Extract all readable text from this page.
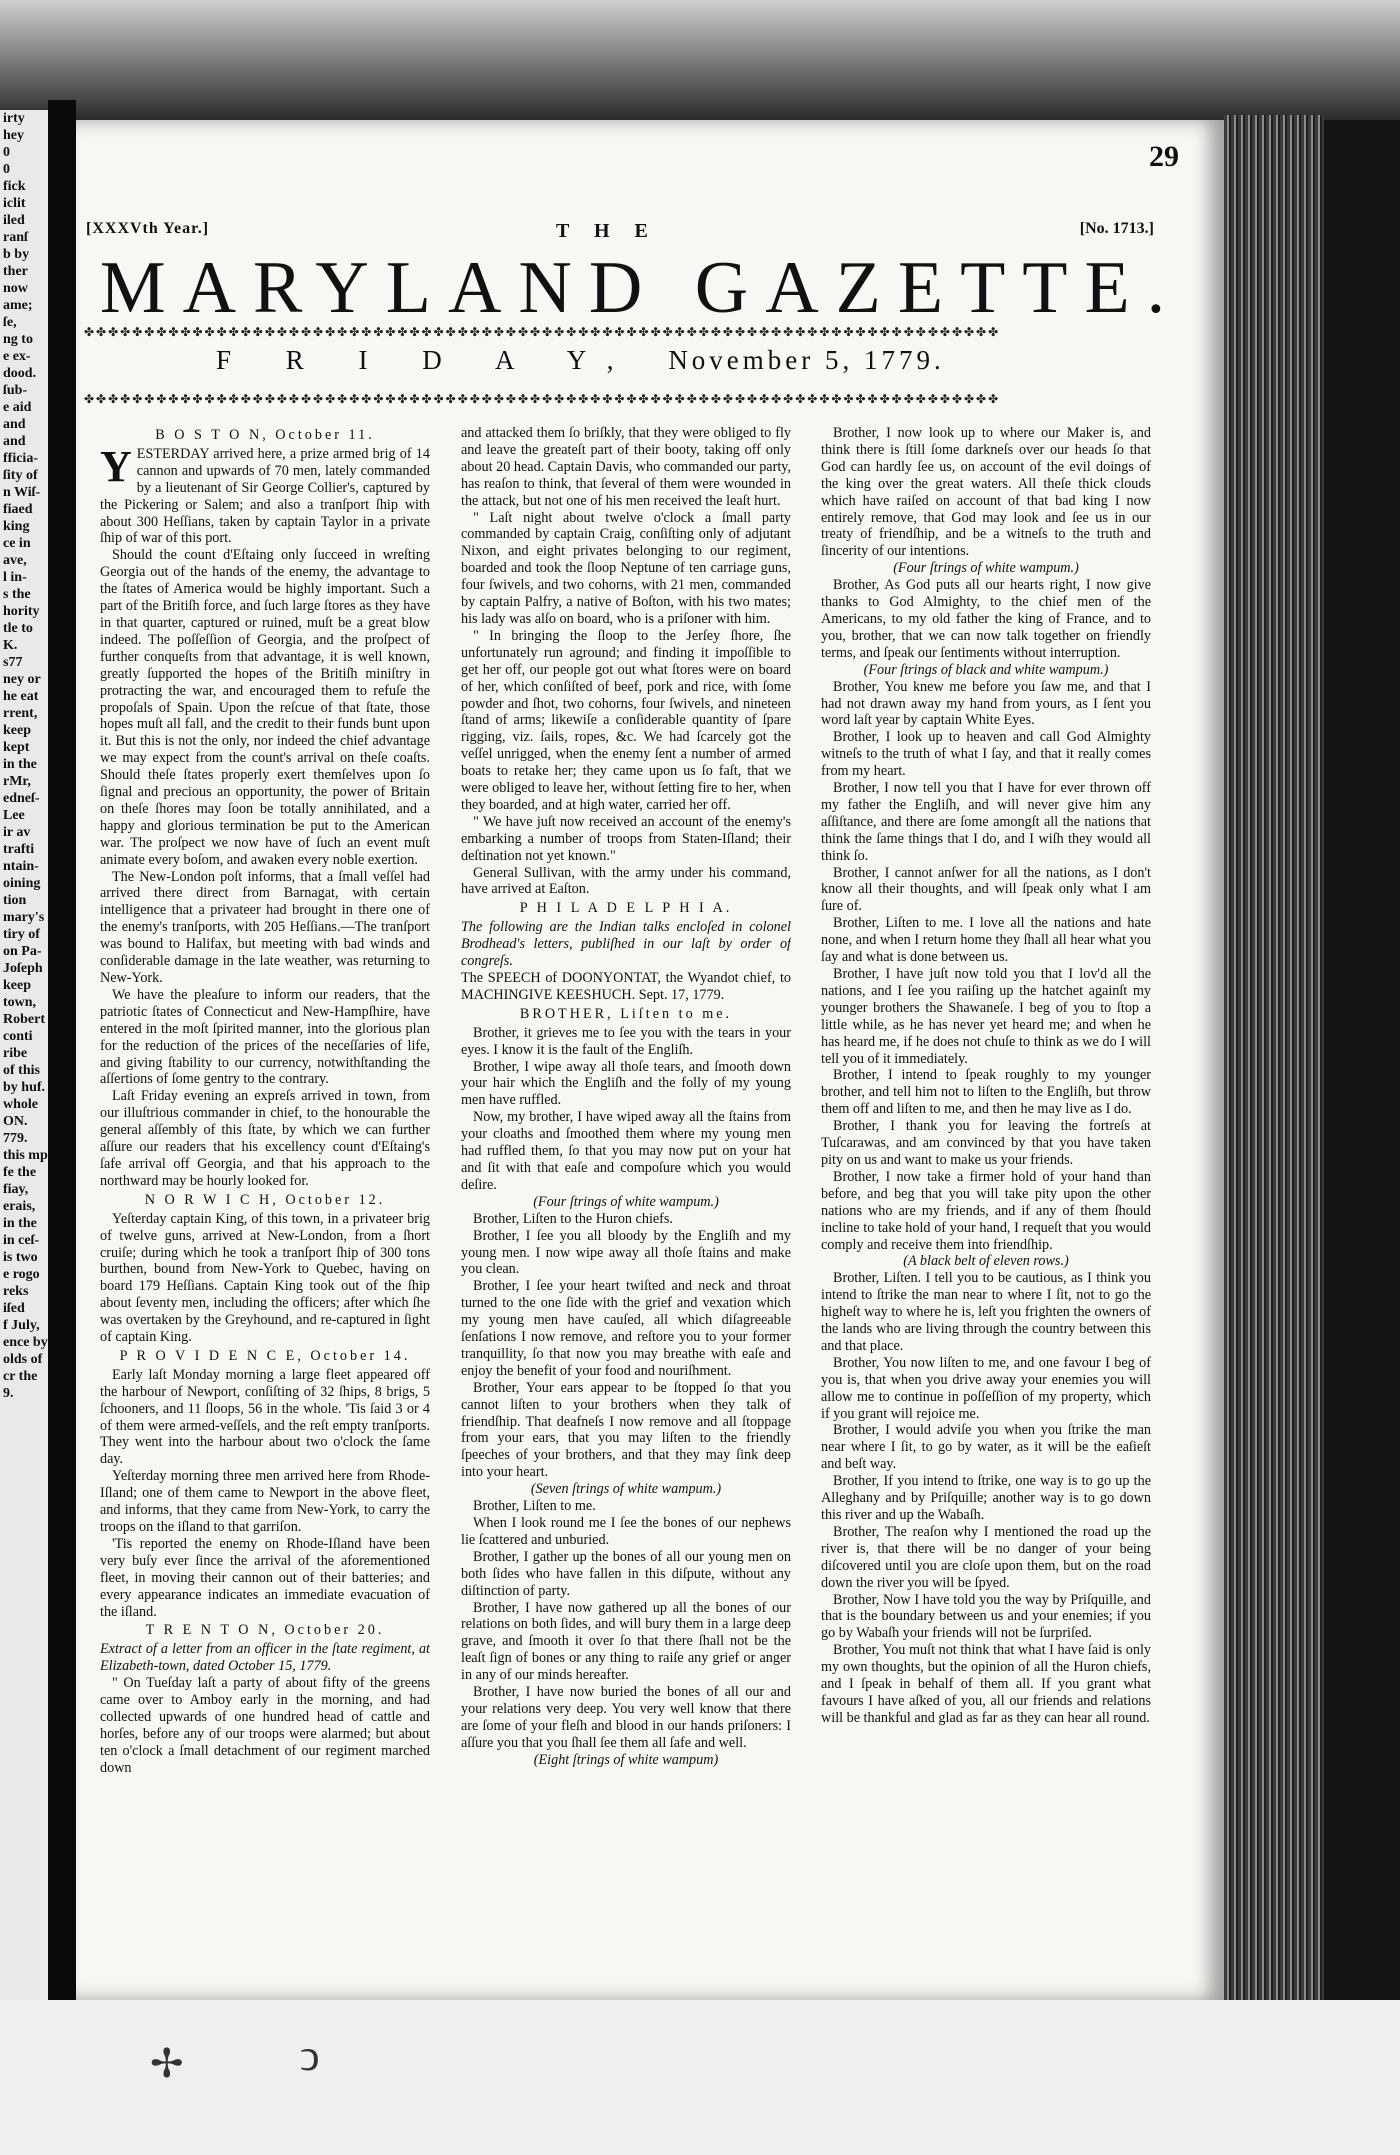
irty
hey
0
0
fick
iclit
iled
ranſ
b by
ther
now
ame;
ſe,
ng to
e ex-
dood.
ſub-
e aid
and
and
fficia-
ſity of
n Wiſ-
fiaed
king
ce in
ave,
l in-
s the
hority
tle to
K.
s77
ney or
he eat
rrent,
keep
kept
in the
rMr,
edneſ-
Lee
ir av
trafti
ntain-
oining
tion
mary's
tiry of
on Pa-
Joſeph
keep
town,
Robert
conti
ribe
of this
by huf.
whole
ON.
779.
this mp
fe the
fiay,
erais,
in the
in ceſ-
is two
e rogo
reks
iſed
f July,
ence by
olds of
cr the
9.
29
[XXXVth Year.]	T H E	[No. 1713.]
MARYLAND GAZETTE.
✤✤✤✤✤✤✤✤✤✤✤✤✤✤✤✤✤✤✤✤✤✤✤✤✤✤✤✤✤✤✤✤✤✤✤✤✤✤✤✤✤✤✤✤✤✤✤✤✤✤✤✤✤✤✤✤✤✤✤✤✤✤✤✤✤✤✤✤✤✤✤✤✤✤✤✤
F R I D A Y, November 5, 1779.
✤✤✤✤✤✤✤✤✤✤✤✤✤✤✤✤✤✤✤✤✤✤✤✤✤✤✤✤✤✤✤✤✤✤✤✤✤✤✤✤✤✤✤✤✤✤✤✤✤✤✤✤✤✤✤✤✤✤✤✤✤✤✤✤✤✤✤✤✤✤✤✤✤✤✤✤

B O S T O N, October 11.

YESTERDAY arrived here, a prize armed brig of 14 cannon and upwards of 70 men, lately commanded by a lieutenant of Sir George Collier's, captured by the Pickering or Salem; and also a tranſport ſhip with about 300 Heſſians, taken by captain Taylor in a private ſhip of war of this port.

Should the count d'Eſtaing only ſucceed in wreſting Georgia out of the hands of the enemy, the advantage to the ſtates of America would be highly important. Such a part of the Britiſh force, and ſuch large ſtores as they have in that quarter, captured or ruined, muſt be a great blow indeed. The poſſeſſion of Georgia, and the proſpect of further conqueſts from that advantage, it is well known, greatly ſupported the hopes of the Britiſh miniſtry in protracting the war, and encouraged them to refuſe the propoſals of Spain. Upon the reſcue of that ſtate, those hopes muſt all fall, and the credit to their funds bunt upon it. But this is not the only, nor indeed the chief advantage we may expect from the count's arrival on theſe coaſts. Should theſe ſtates properly exert themſelves upon ſo ſignal and precious an opportunity, the power of Britain on theſe ſhores may ſoon be totally annihilated, and a happy and glorious termination be put to the American war. The proſpect we now have of ſuch an event muſt animate every boſom, and awaken every noble exertion.

The New-London poſt informs, that a ſmall veſſel had arrived there direct from Barnagat, with certain intelligence that a privateer had brought in there one of the enemy's tranſports, with 205 Heſſians.—The tranſport was bound to Halifax, but meeting with bad winds and conſiderable damage in the late weather, was returning to New-York.

We have the pleaſure to inform our readers, that the patriotic ſtates of Connecticut and New-Hampſhire, have entered in the moſt ſpirited manner, into the glorious plan for the reduction of the prices of the neceſſaries of life, and giving ſtability to our currency, notwithſtanding the aſſertions of ſome gentry to the contrary.

Laſt Friday evening an expreſs arrived in town, from our illuſtrious commander in chief, to the honourable the general aſſembly of this ſtate, by which we can further aſſure our readers that his excellency count d'Eſtaing's ſafe arrival off Georgia, and that his approach to the northward may be hourly looked for.

N O R W I C H, October 12.

Yeſterday captain King, of this town, in a privateer brig of twelve guns, arrived at New-London, from a ſhort cruiſe; during which he took a tranſport ſhip of 300 tons burthen, bound from New-York to Quebec, having on board 179 Heſſians. Captain King took out of the ſhip about ſeventy men, including the officers; after which ſhe was overtaken by the Greyhound, and re-captured in ſight of captain King.

P R O V I D E N C E, October 14.

Early laſt Monday morning a large fleet appeared off the harbour of Newport, conſiſting of 32 ſhips, 8 brigs, 5 ſchooners, and 11 ſloops, 56 in the whole. 'Tis ſaid 3 or 4 of them were armed-veſſels, and the reſt empty tranſports. They went into the harbour about two o'clock the ſame day.

Yeſterday morning three men arrived here from Rhode-Iſland; one of them came to Newport in the above fleet, and informs, that they came from New-York, to carry the troops on the iſland to that garriſon.

'Tis reported the enemy on Rhode-Iſland have been very buſy ever ſince the arrival of the aforementioned fleet, in moving their cannon out of their batteries; and every appearance indicates an immediate evacuation of the iſland.

T R E N T O N, October 20.

Extract of a letter from an officer in the ſtate regiment, at Elizabeth-town, dated October 15, 1779.

" On Tueſday laſt a party of about fifty of the greens came over to Amboy early in the morning, and had collected upwards of one hundred head of cattle and horſes, before any of our troops were alarmed; but about ten o'clock a ſmall detachment of our regiment marched down

and attacked them ſo briſkly, that they were obliged to fly and leave the greateſt part of their booty, taking off only about 20 head. Captain Davis, who commanded our party, has reaſon to think, that ſeveral of them were wounded in the attack, but not one of his men received the leaſt hurt.

" Laſt night about twelve o'clock a ſmall party commanded by captain Craig, conſiſting only of adjutant Nixon, and eight privates belonging to our regiment, boarded and took the ſloop Neptune of ten carriage guns, four ſwivels, and two cohorns, with 21 men, commanded by captain Palfry, a native of Boſton, with his two mates; his lady was alſo on board, who is a priſoner with him.

" In bringing the ſloop to the Jerſey ſhore, ſhe unfortunately run aground; and finding it impoſſible to get her off, our people got out what ſtores were on board of her, which conſiſted of beef, pork and rice, with ſome powder and ſhot, two cohorns, four ſwivels, and nineteen ſtand of arms; likewiſe a conſiderable quantity of ſpare rigging, viz. ſails, ropes, &c. We had ſcarcely got the veſſel unrigged, when the enemy ſent a number of armed boats to retake her; they came upon us ſo faſt, that we were obliged to leave her, without ſetting fire to her, when they boarded, and at high water, carried her off.

" We have juſt now received an account of the enemy's embarking a number of troops from Staten-Iſland; their deſtination not yet known."

General Sullivan, with the army under his command, have arrived at Eaſton.

P H I L A D E L P H I A.

The following are the Indian talks encloſed in colonel Brodhead's letters, publiſhed in our laſt by order of congreſs.

The SPEECH of DOONYONTAT, the Wyandot chief, to MACHINGIVE KEESHUCH. Sept. 17, 1779.

BROTHER, Liſten to me.

Brother, it grieves me to ſee you with the tears in your eyes. I know it is the fault of the Engliſh.

Brother, I wipe away all thoſe tears, and ſmooth down your hair which the Engliſh and the folly of my young men have ruffled.

Now, my brother, I have wiped away all the ſtains from your cloaths and ſmoothed them where my young men had ruffled them, ſo that you may now put on your hat and ſit with that eaſe and compoſure which you would deſire.

(Four ſtrings of white wampum.)

Brother, Liſten to the Huron chiefs.

Brother, I ſee you all bloody by the Engliſh and my young men. I now wipe away all thoſe ſtains and make you clean.

Brother, I ſee your heart twiſted and neck and throat turned to the one ſide with the grief and vexation which my young men have cauſed, all which diſagreeable ſenſations I now remove, and reſtore you to your former tranquillity, ſo that now you may breathe with eaſe and enjoy the benefit of your food and nouriſhment.

Brother, Your ears appear to be ſtopped ſo that you cannot liſten to your brothers when they talk of friendſhip. That deafneſs I now remove and all ſtoppage from your ears, that you may liſten to the friendly ſpeeches of your brothers, and that they may ſink deep into your heart.

(Seven ſtrings of white wampum.)

Brother, Liſten to me.

When I look round me I ſee the bones of our nephews lie ſcattered and unburied.

Brother, I gather up the bones of all our young men on both ſides who have fallen in this diſpute, without any diſtinction of party.

Brother, I have now gathered up all the bones of our relations on both ſides, and will bury them in a large deep grave, and ſmooth it over ſo that there ſhall not be the leaſt ſign of bones or any thing to raiſe any grief or anger in any of our minds hereafter.

Brother, I have now buried the bones of all our and your relations very deep. You very well know that there are ſome of your fleſh and blood in our hands priſoners: I aſſure you that you ſhall ſee them all ſafe and well.

(Eight ſtrings of white wampum)

Brother, I now look up to where our Maker is, and think there is ſtill ſome darkneſs over our heads ſo that God can hardly ſee us, on account of the evil doings of the king over the great waters. All theſe thick clouds which have raiſed on account of that bad king I now entirely remove, that God may look and ſee us in our treaty of friendſhip, and be a witneſs to the truth and ſincerity of our intentions.

(Four ſtrings of white wampum.)

Brother, As God puts all our hearts right, I now give thanks to God Almighty, to the chief men of the Americans, to my old father the king of France, and to you, brother, that we can now talk together on friendly terms, and ſpeak our ſentiments without interruption.

(Four ſtrings of black and white wampum.)

Brother, You knew me before you ſaw me, and that I had not drawn away my hand from yours, as I ſent you word laſt year by captain White Eyes.

Brother, I look up to heaven and call God Almighty witneſs to the truth of what I ſay, and that it really comes from my heart.

Brother, I now tell you that I have for ever thrown off my father the Engliſh, and will never give him any aſſiſtance, and there are ſome amongſt all the nations that think the ſame things that I do, and I wiſh they would all think ſo.

Brother, I cannot anſwer for all the nations, as I don't know all their thoughts, and will ſpeak only what I am ſure of.

Brother, Liſten to me. I love all the nations and hate none, and when I return home they ſhall all hear what you ſay and what is done between us.

Brother, I have juſt now told you that I lov'd all the nations, and I ſee you raiſing up the hatchet againſt my younger brothers the Shawaneſe. I beg of you to ſtop a little while, as he has never yet heard me; and when he has heard me, if he does not chuſe to think as we do I will tell you of it immediately.

Brother, I intend to ſpeak roughly to my younger brother, and tell him not to liſten to the Engliſh, but throw them off and liſten to me, and then he may live as I do.

Brother, I thank you for leaving the fortreſs at Tuſcarawas, and am convinced by that you have taken pity on us and want to make us your friends.

Brother, I now take a firmer hold of your hand than before, and beg that you will take pity upon the other nations who are my friends, and if any of them ſhould incline to take hold of your hand, I requeſt that you would comply and receive them into friendſhip.

(A black belt of eleven rows.)

Brother, Liſten. I tell you to be cautious, as I think you intend to ſtrike the man near to where I ſit, not to go the higheſt way to where he is, leſt you frighten the owners of the lands who are living through the country between this and that place.

Brother, You now liſten to me, and one favour I beg of you is, that when you drive away your enemies you will allow me to continue in poſſeſſion of my property, which if you grant will rejoice me.

Brother, I would adviſe you when you ſtrike the man near where I ſit, to go by water, as it will be the eaſieſt and beſt way.

Brother, If you intend to ſtrike, one way is to go up the Alleghany and by Priſquille; another way is to go down this river and up the Wabaſh.

Brother, The reaſon why I mentioned the road up the river is, that there will be no danger of your being diſcovered until you are cloſe upon them, but on the road down the river you will be ſpyed.

Brother, Now I have told you the way by Priſquille, and that is the boundary between us and your enemies; if you go by Wabaſh your friends will not be ſurpriſed.

Brother, You muſt not think that what I have ſaid is only my own thoughts, but the opinion of all the Huron chiefs, and I ſpeak in behalf of them all. If you grant what favours I have aſked of you, all our friends and relations will be thankful and glad as far as they can hear all round.

✢	ↄ
